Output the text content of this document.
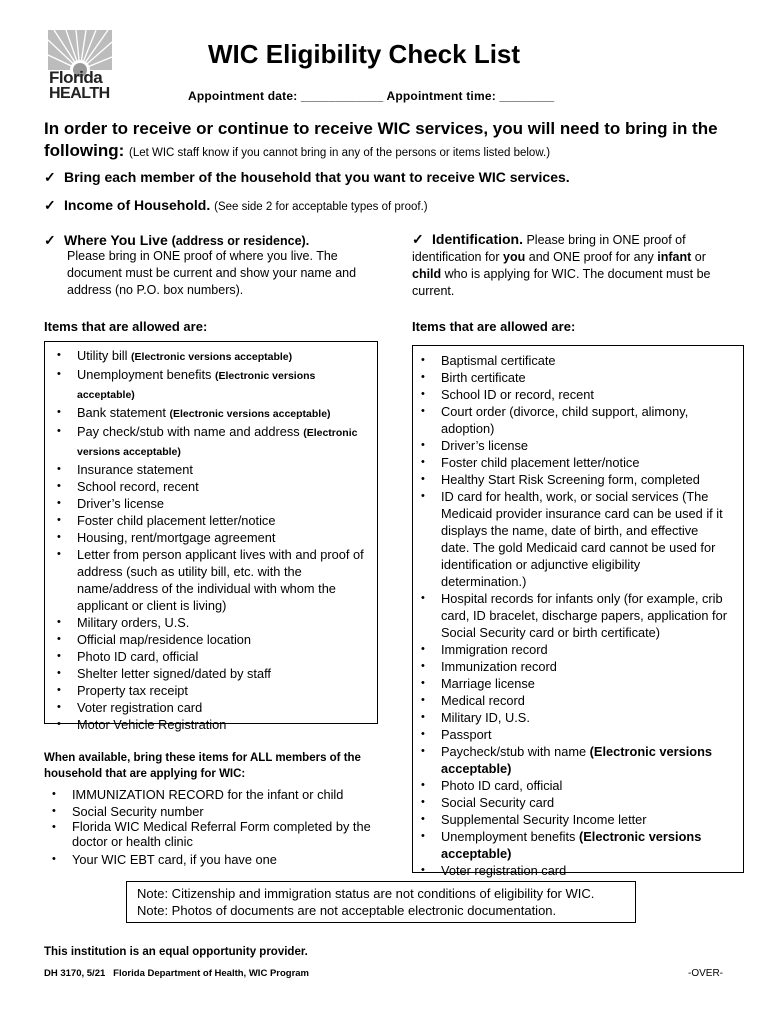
Florida
HEALTH
WIC Eligibility Check List
Appointment date: ____________ Appointment time: ________
In order to receive or continue to receive WIC services, you will need to bring in the following: (Let WIC staff know if you cannot bring in any of the persons or items listed below.)
✓ Bring each member of the household that you want to receive WIC services.
✓ Income of Household. (See side 2 for acceptable types of proof.)
✓ Where You Live (address or residence).
Please bring in ONE proof of where you live. The document must be current and show your name and address (no P.O. box numbers).
Items that are allowed are:
• Utility bill (Electronic versions acceptable)
• Unemployment benefits (Electronic versions acceptable)
• Bank statement (Electronic versions acceptable)
• Pay check/stub with name and address (Electronic versions acceptable)
• Insurance statement
• School record, recent
• Driver’s license
• Foster child placement letter/notice
• Housing, rent/mortgage agreement
• Letter from person applicant lives with and proof of address (such as utility bill, etc. with the name/address of the individual with whom the applicant or client is living)
• Military orders, U.S.
• Official map/residence location
• Photo ID card, official
• Shelter letter signed/dated by staff
• Property tax receipt
• Voter registration card
• Motor Vehicle Registration
When available, bring these items for ALL members of the household that are applying for WIC:
• IMMUNIZATION RECORD for the infant or child
• Social Security number
• Florida WIC Medical Referral Form completed by the doctor or health clinic
• Your WIC EBT card, if you have one
✓ Identification. Please bring in ONE proof of identification for you and ONE proof for any infant or child who is applying for WIC. The document must be current.
Items that are allowed are:
• Baptismal certificate
• Birth certificate
• School ID or record, recent
• Court order (divorce, child support, alimony, adoption)
• Driver’s license
• Foster child placement letter/notice
• Healthy Start Risk Screening form, completed
• ID card for health, work, or social services (The Medicaid provider insurance card can be used if it displays the name, date of birth, and effective date. The gold Medicaid card cannot be used for identification or adjunctive eligibility determination.)
• Hospital records for infants only (for example, crib card, ID bracelet, discharge papers, application for Social Security card or birth certificate)
• Immigration record
• Immunization record
• Marriage license
• Medical record
• Military ID, U.S.
• Passport
• Paycheck/stub with name (Electronic versions acceptable)
• Photo ID card, official
• Social Security card
• Supplemental Security Income letter
• Unemployment benefits (Electronic versions acceptable)
• Voter registration card
Note: Citizenship and immigration status are not conditions of eligibility for WIC.
Note: Photos of documents are not acceptable electronic documentation.
This institution is an equal opportunity provider.
DH 3170, 5/21   Florida Department of Health, WIC Program	-OVER-
